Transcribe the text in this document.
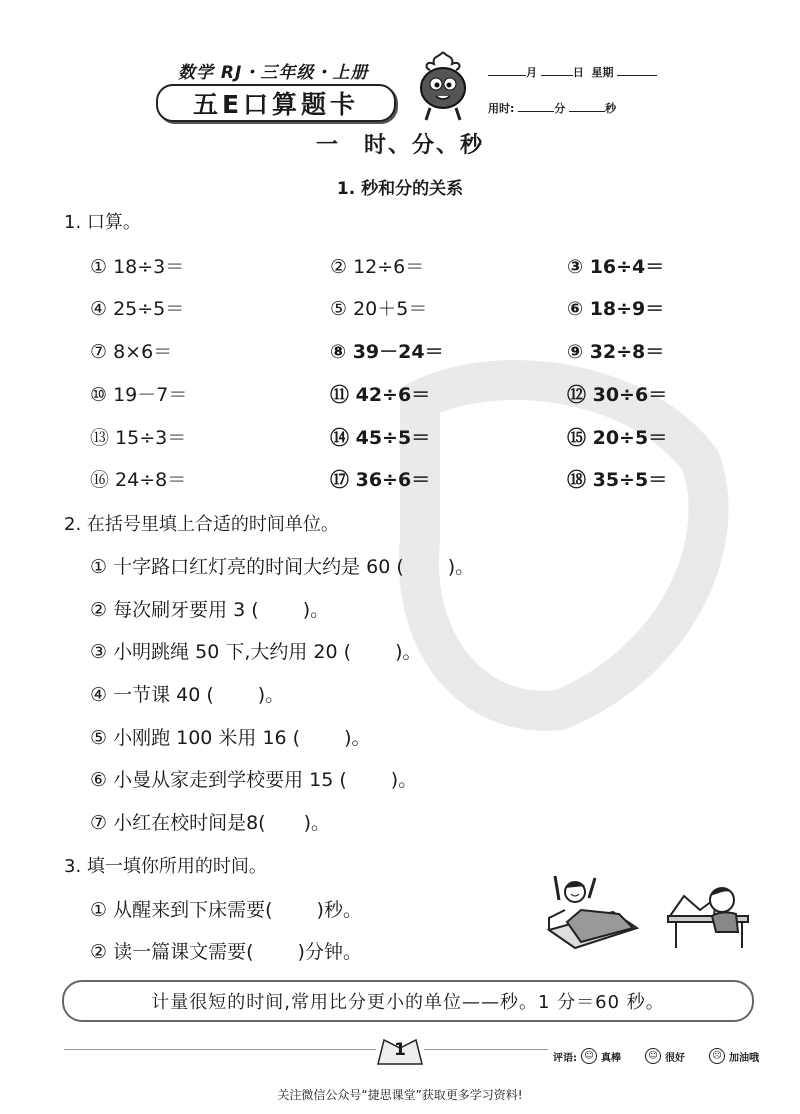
数学 RJ・三年级・上册
五E口算题卡
月	日 星期
用时:	分	秒
一　时、分、秒
1. 秒和分的关系
1. 口算。
① 18÷3＝	② 12÷6＝	③ 16÷4＝
④ 25÷5＝	⑤ 20＋5＝	⑥ 18÷9＝
⑦ 8×6＝	⑧ 39－24＝	⑨ 32÷8＝
⑩ 19－7＝	⑪ 42÷6＝	⑫ 30÷6＝
⑬ 15÷3＝	⑭ 45÷5＝	⑮ 20÷5＝
⑯ 24÷8＝	⑰ 36÷6＝	⑱ 35÷5＝
2. 在括号里填上合适的时间单位。
① 十字路口红灯亮的时间大约是 60 (　　 )。
② 每次刷牙要用 3 (　　 )。
③ 小明跳绳 50 下,大约用 20 (　　 )。
④ 一节课 40 (　　 )。
⑤ 小刚跑 100 米用 16 (　　 )。
⑥ 小曼从家走到学校要用 15 (　　 )。
⑦ 小红在校时间是8(　　)。
3. 填一填你所用的时间。
① 从醒来到下床需要(　　 )秒。
② 读一篇课文需要(　　 )分钟。
计量很短的时间,常用比分更小的单位——秒。1 分＝60 秒。
1	评语: ☺ 真棒	☺ 很好	☹ 加油哦
关注微信公众号“捷思课堂”获取更多学习资料!
